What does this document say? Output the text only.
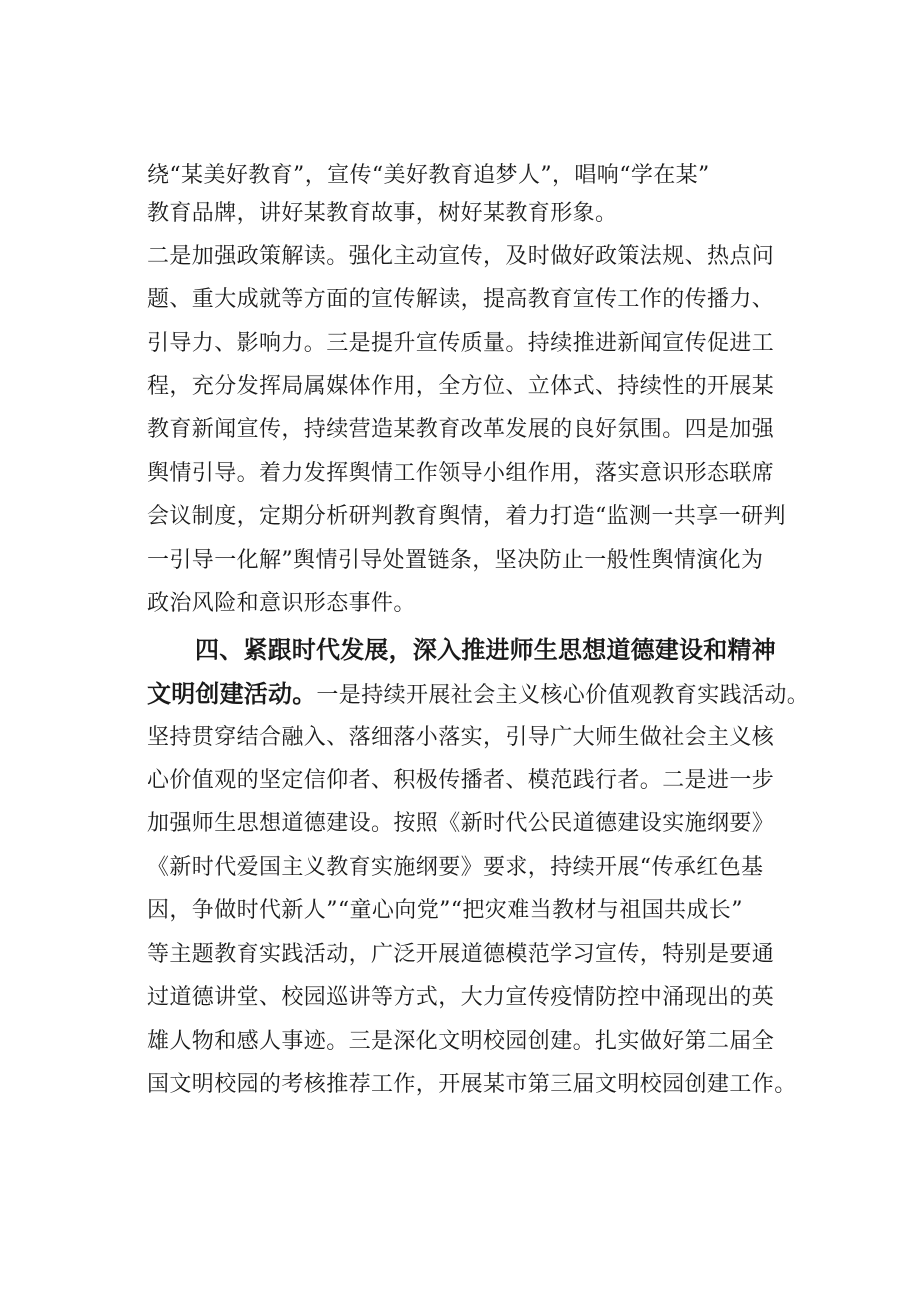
绕“某美好教育”，宣传“美好教育追梦人”，唱响“学在某”
教育品牌，讲好某教育故事，树好某教育形象。
二是加强政策解读。强化主动宣传，及时做好政策法规、热点问
题、重大成就等方面的宣传解读，提高教育宣传工作的传播力、
引导力、影响力。三是提升宣传质量。持续推进新闻宣传促进工
程，充分发挥局属媒体作用，全方位、立体式、持续性的开展某
教育新闻宣传，持续营造某教育改革发展的良好氛围。四是加强
舆情引导。着力发挥舆情工作领导小组作用，落实意识形态联席
会议制度，定期分析研判教育舆情，着力打造“监测一共享一研判
一引导一化解”舆情引导处置链条，坚决防止一般性舆情演化为
政治风险和意识形态事件。
四、紧跟时代发展，深入推进师生思想道德建设和精神
文明创建活动。一是持续开展社会主义核心价值观教育实践活动。
坚持贯穿结合融入、落细落小落实，引导广大师生做社会主义核
心价值观的坚定信仰者、积极传播者、模范践行者。二是进一步
加强师生思想道德建设。按照《新时代公民道德建设实施纲要》
《新时代爱国主义教育实施纲要》要求，持续开展“传承红色基
因，争做时代新人”“童心向党”“把灾难当教材与祖国共成长”
等主题教育实践活动，广泛开展道德模范学习宣传，特别是要通
过道德讲堂、校园巡讲等方式，大力宣传疫情防控中涌现出的英
雄人物和感人事迹。三是深化文明校园创建。扎实做好第二届全
国文明校园的考核推荐工作，开展某市第三届文明校园创建工作。
